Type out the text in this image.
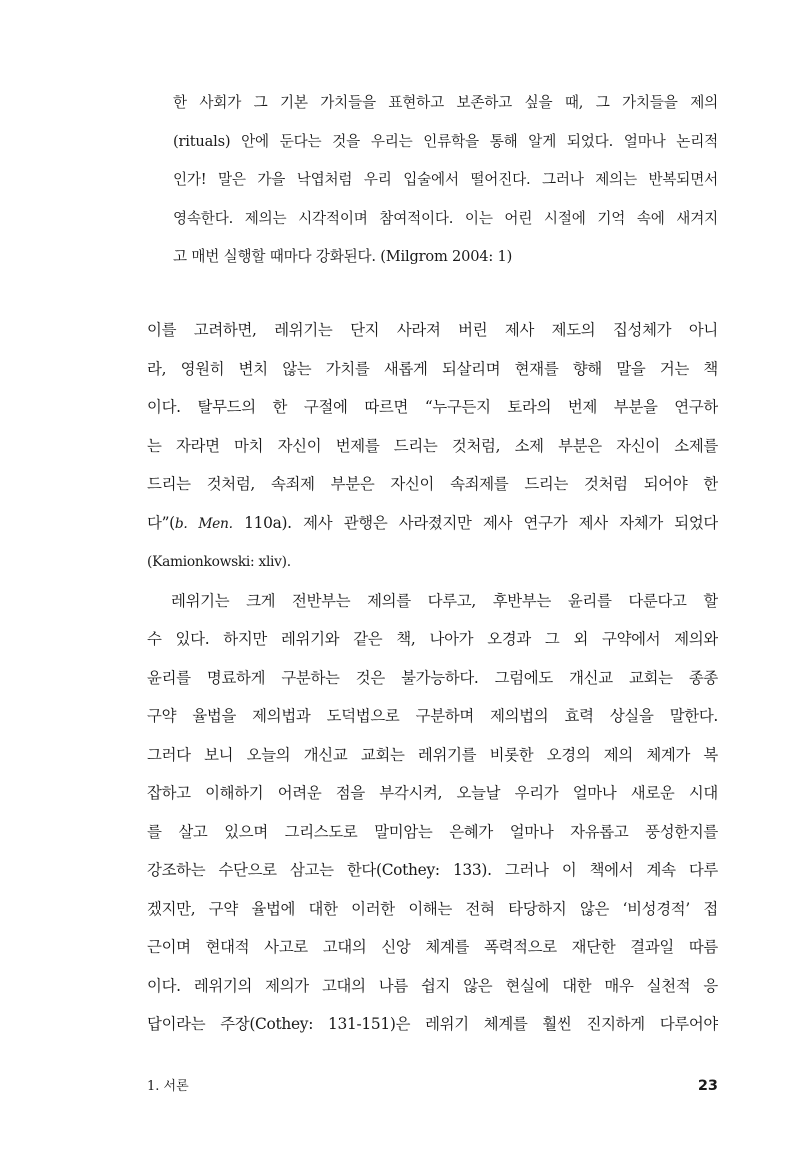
한 사회가 그 기본 가치들을 표현하고 보존하고 싶을 때, 그 가치들을 제의
(rituals) 안에 둔다는 것을 우리는 인류학을 통해 알게 되었다. 얼마나 논리적
인가! 말은 가을 낙엽처럼 우리 입술에서 떨어진다. 그러나 제의는 반복되면서
영속한다. 제의는 시각적이며 참여적이다. 이는 어린 시절에 기억 속에 새겨지
고 매번 실행할 때마다 강화된다. (Milgrom 2004: 1)
이를 고려하면, 레위기는 단지 사라져 버린 제사 제도의 집성체가 아니
라, 영원히 변치 않는 가치를 새롭게 되살리며 현재를 향해 말을 거는 책
이다. 탈무드의 한 구절에 따르면 “누구든지 토라의 번제 부분을 연구하
는 자라면 마치 자신이 번제를 드리는 것처럼, 소제 부분은 자신이 소제를
드리는 것처럼, 속죄제 부분은 자신이 속죄제를 드리는 것처럼 되어야 한
다”(b. Men. 110a). 제사 관행은 사라졌지만 제사 연구가 제사 자체가 되었다
(Kamionkowski: xliv).
레위기는 크게 전반부는 제의를 다루고, 후반부는 윤리를 다룬다고 할
수 있다. 하지만 레위기와 같은 책, 나아가 오경과 그 외 구약에서 제의와
윤리를 명료하게 구분하는 것은 불가능하다. 그럼에도 개신교 교회는 종종
구약 율법을 제의법과 도덕법으로 구분하며 제의법의 효력 상실을 말한다.
그러다 보니 오늘의 개신교 교회는 레위기를 비롯한 오경의 제의 체계가 복
잡하고 이해하기 어려운 점을 부각시켜, 오늘날 우리가 얼마나 새로운 시대
를 살고 있으며 그리스도로 말미암는 은혜가 얼마나 자유롭고 풍성한지를
강조하는 수단으로 삼고는 한다(Cothey: 133). 그러나 이 책에서 계속 다루
겠지만, 구약 율법에 대한 이러한 이해는 전혀 타당하지 않은 ‘비성경적’ 접
근이며 현대적 사고로 고대의 신앙 체계를 폭력적으로 재단한 결과일 따름
이다. 레위기의 제의가 고대의 나름 쉽지 않은 현실에 대한 매우 실천적 응
답이라는 주장(Cothey: 131-151)은 레위기 체계를 훨씬 진지하게 다루어야
1. 서론	23
